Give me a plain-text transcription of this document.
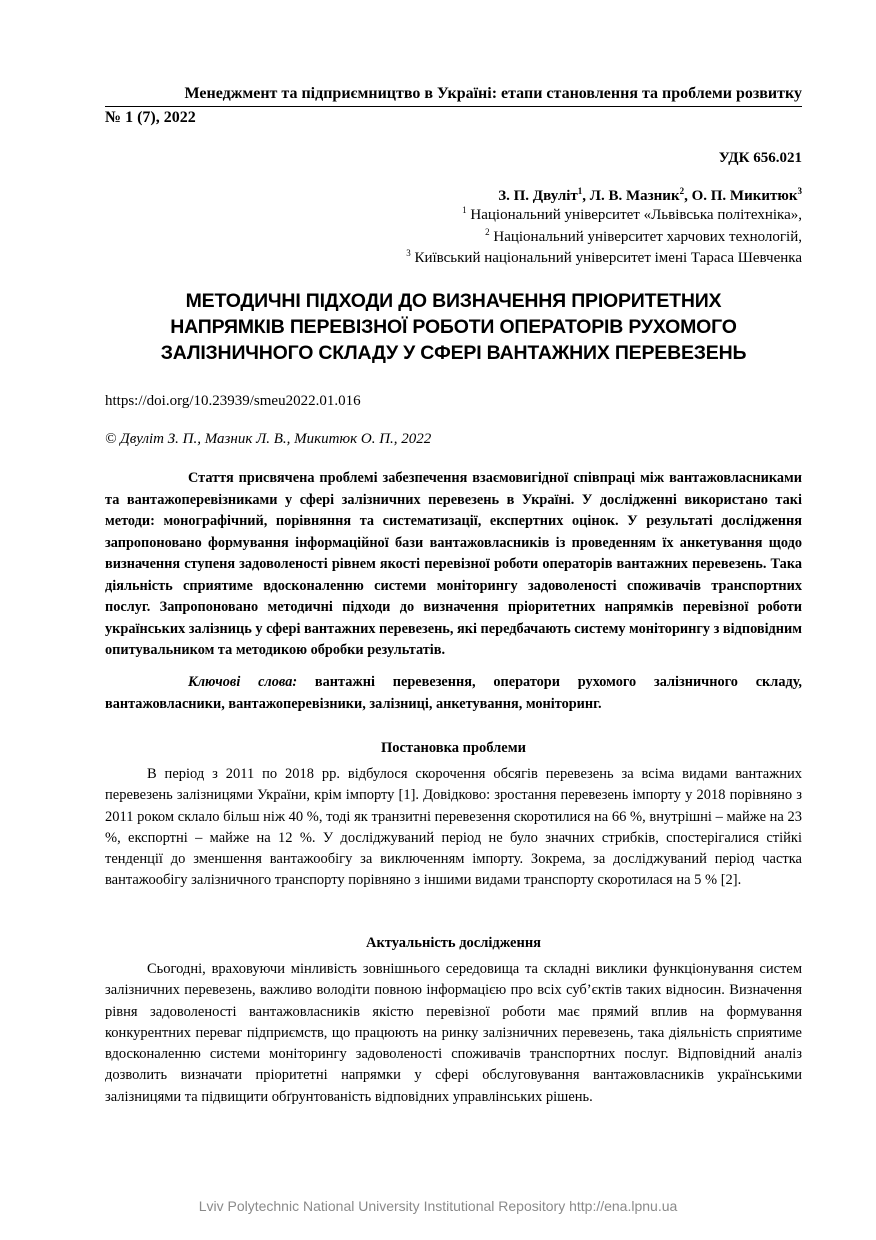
Менеджмент та підприємництво в Україні: етапи становлення та проблеми розвитку
№ 1 (7), 2022
УДК 656.021
З. П. Двуліт$^1$, Л. В. Мазник$^2$, О. П. Микитюк$^3$
$^1$ Національний університет «Львівська політехніка»,
$^2$ Національний університет харчових технологій,
$^3$ Київський національний університет імені Тараса Шевченка
МЕТОДИЧНІ ПІДХОДИ ДО ВИЗНАЧЕННЯ ПРІОРИТЕТНИХ
НАПРЯМКІВ ПЕРЕВІЗНОЇ РОБОТИ ОПЕРАТОРІВ РУХОМОГО
ЗАЛІЗНИЧНОГО СКЛАДУ У СФЕРІ ВАНТАЖНИХ ПЕРЕВЕЗЕНЬ
https://doi.org/10.23939/smeu2022.01.016
© Двуліт З. П., Мазник Л. В., Микитюк О. П., 2022
Стаття присвячена проблемі забезпечення взаємовигідної співпраці між вантажовласниками та вантажоперевізниками у сфері залізничних перевезень в Україні. У дослідженні використано такі методи: монографічний, порівняння та систематизації, експертних оцінок. У результаті дослідження запропоновано формування інформаційної бази вантажовласників із проведенням їх анкетування щодо визначення ступеня задоволеності рівнем якості перевізної роботи операторів вантажних перевезень. Така діяльність сприятиме вдосконаленню системи моніторингу задоволеності споживачів транспортних послуг. Запропоновано методичні підходи до визначення пріоритетних напрямків перевізної роботи українських залізниць у сфері вантажних перевезень, які передбачають систему моніторингу з відповідним опитувальником та методикою обробки результатів.
Ключові слова: вантажні перевезення, оператори рухомого залізничного складу, вантажовласники, вантажоперевізники, залізниці, анкетування, моніторинг.
Постановка проблеми
В період з 2011 по 2018 рр. відбулося скорочення обсягів перевезень за всіма видами вантажних перевезень залізницями України, крім імпорту [1]. Довідково: зростання перевезень імпорту у 2018 порівняно з 2011 роком склало більш ніж 40 %, тоді як транзитні перевезення скоротилися на 66 %, внутрішні – майже на 23 %, експортні – майже на 12 %. У досліджуваний період не було значних стрибків, спостерігалися стійкі тенденції до зменшення вантажообігу за виключенням імпорту. Зокрема, за досліджуваний період частка вантажообігу залізничного транспорту порівняно з іншими видами транспорту скоротилася на 5 % [2].
Актуальність дослідження
Сьогодні, враховуючи мінливість зовнішнього середовища та складні виклики функціонування систем залізничних перевезень, важливо володіти повною інформацією про всіх суб’єктів таких відносин. Визначення рівня задоволеності вантажовласників якістю перевізної роботи має прямий вплив на формування конкурентних переваг підприємств, що працюють на ринку залізничних перевезень, така діяльність сприятиме вдосконаленню системи моніторингу задоволеності споживачів транспортних послуг. Відповідний аналіз дозволить визначати пріоритетні напрямки у сфері обслуговування вантажовласників українськими залізницями та підвищити обґрунтованість відповідних управлінських рішень.
Lviv Polytechnic National University Institutional Repository http://ena.lpnu.ua
